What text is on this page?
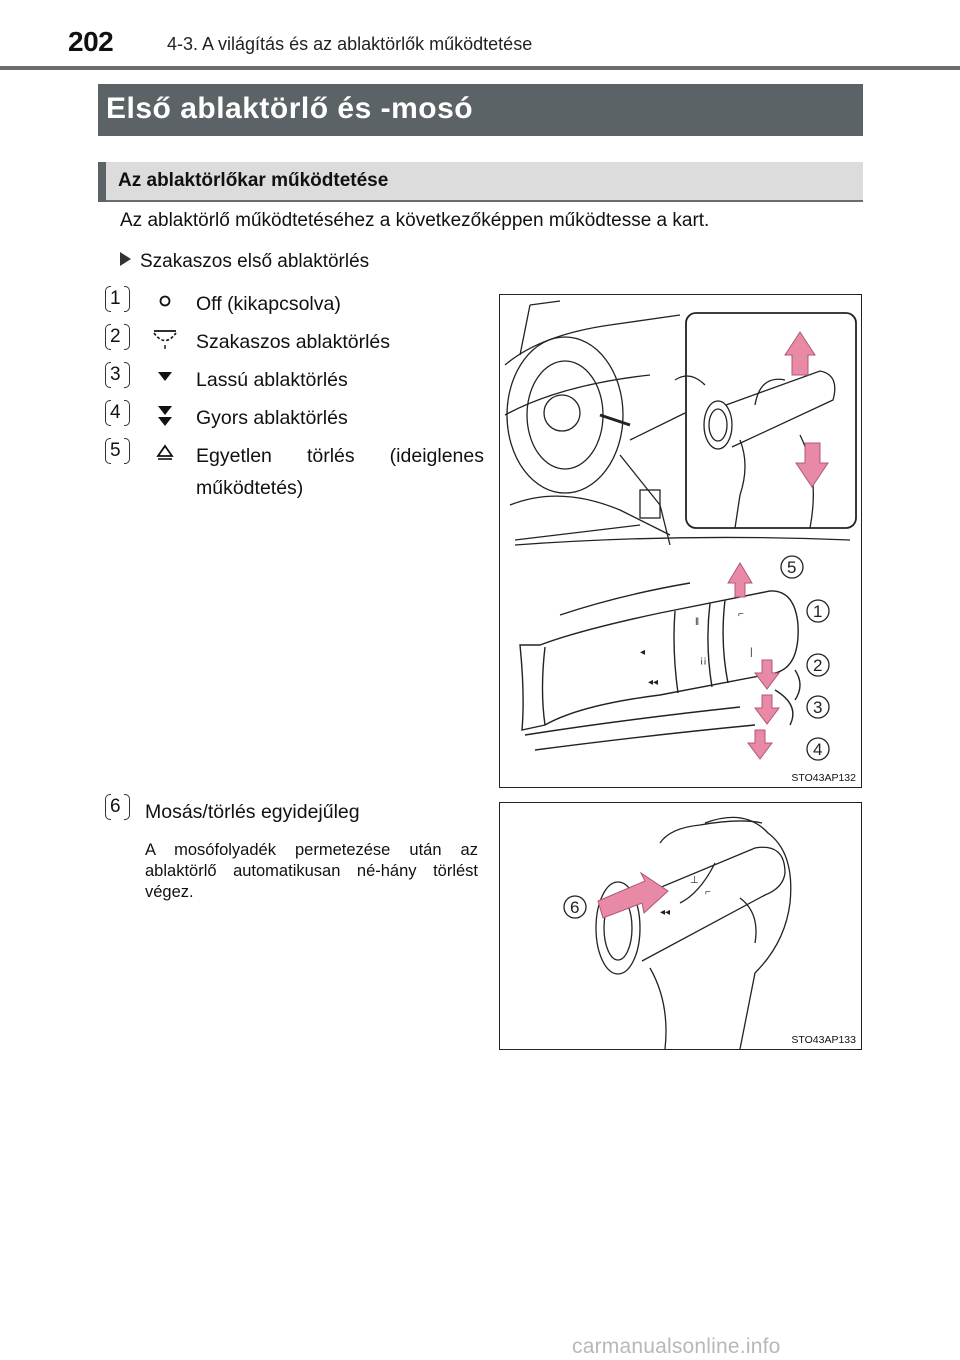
202	4-3. A világítás és az ablaktörlők működtetése
Első ablaktörlő és -mosó
Az ablaktörlőkar működtetése
Az ablaktörlő működtetéséhez a következőképpen működtesse a kart.
Szakaszos első ablaktörlés
1	Off (kikapcsolva)
2	Szakaszos ablaktörlés
3	Lassú ablaktörlés
4	Gyors ablaktörlés
5	Egyetlen törlés (ideiglenes működtetés)
6 Mosás/törlés egyidejűleg
A mosófolyadék permetezése után az ablaktörlő automatikusan né-hány törlést végez.
‖
⌐
|
¡¡
◂
◂◂
5
1
2
3
4
STO43AP132
⊥
⌐
◂◂
6
STO43AP133
carmanualsonline.info
